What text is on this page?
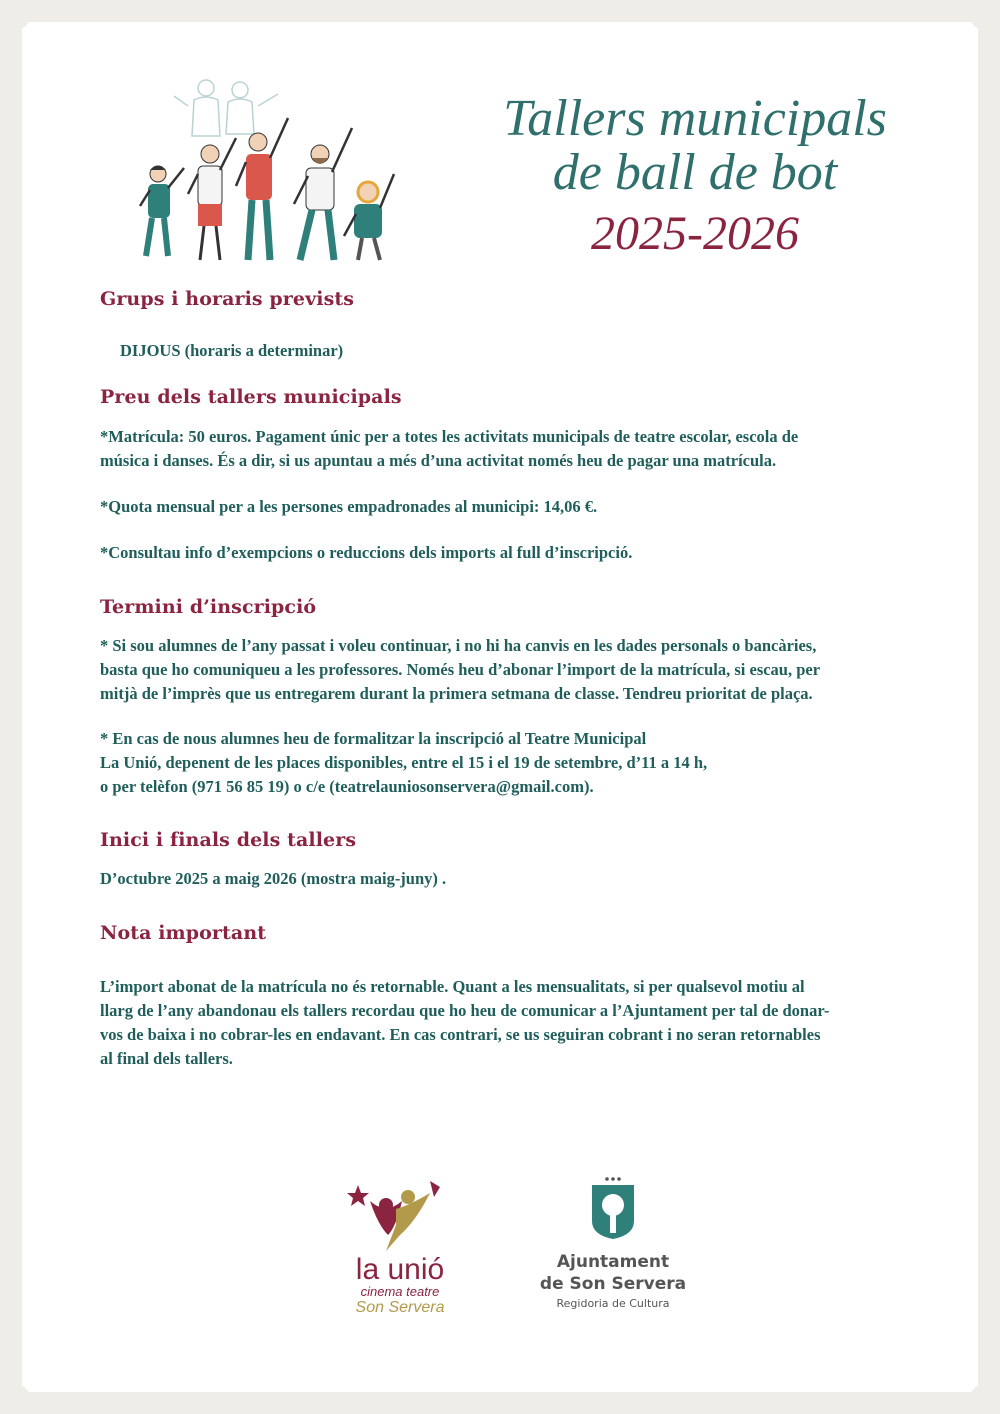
Tallers municipals
de ball de bot
2025-2026
Grups i horaris prevists
DIJOUS (horaris a determinar)
Preu dels tallers municipals
*Matrícula: 50 euros. Pagament únic per a totes les activitats municipals de teatre escolar, escola de
música i danses. És a dir, si us apuntau a més d’una activitat només heu de pagar una matrícula.
*Quota mensual per a les persones empadronades al municipi: 14,06 €.
*Consultau info d’exempcions o reduccions dels imports al full d’inscripció.
Termini d’inscripció
* Si sou alumnes de l’any passat i voleu continuar, i no hi ha canvis en les dades personals o bancàries,
basta que ho comuniqueu a les professores. Només heu d’abonar l’import de la matrícula, si escau, per
mitjà de l’imprès que us entregarem durant la primera setmana de classe. Tendreu prioritat de plaça.
* En cas de nous alumnes heu de formalitzar la inscripció al Teatre Municipal
La Unió, depenent de les places disponibles, entre el 15 i el 19 de setembre, d’11 a 14 h,
o per telèfon (971 56 85 19) o c/e (teatrelauniosonservera@gmail.com).
Inici i finals dels tallers
D’octubre 2025 a maig 2026 (mostra maig-juny) .
Nota important
L’import abonat de la matrícula no és retornable. Quant a les mensualitats, si per qualsevol motiu al
llarg de l’any abandonau els tallers recordau que ho heu de comunicar a l’Ajuntament per tal de donar-
vos de baixa i no cobrar-les en endavant. En cas contrari, se us seguiran cobrant i no seran retornables
al final dels tallers.
la unió
cinema teatre
Son Servera
Ajuntament
de Son Servera
Regidoria de Cultura
